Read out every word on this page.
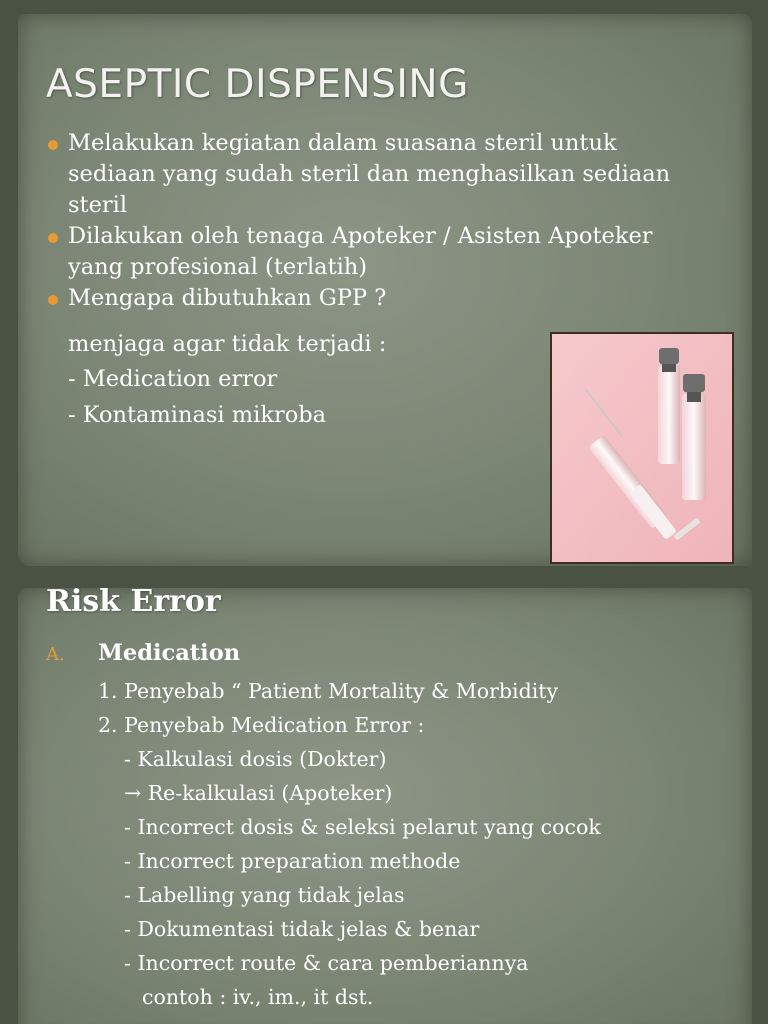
ASEPTIC DISPENSING
Melakukan kegiatan dalam suasana steril untuk
sediaan yang sudah steril dan menghasilkan sediaan
steril
Dilakukan oleh tenaga Apoteker / Asisten Apoteker
yang profesional (terlatih)
Mengapa dibutuhkan GPP ?

menjaga agar tidak terjadi :

- Medication error

- Kontaminasi mikroba

Risk Error
A. Medication
1. Penyebab “ Patient Mortality & Morbidity
2. Penyebab Medication Error :
- Kalkulasi dosis (Dokter)
→ Re-kalkulasi (Apoteker)
- Incorrect dosis & seleksi pelarut yang cocok
- Incorrect preparation methode
- Labelling yang tidak jelas
- Dokumentasi tidak jelas & benar
- Incorrect route & cara pemberiannya
contoh : iv., im., it dst.
